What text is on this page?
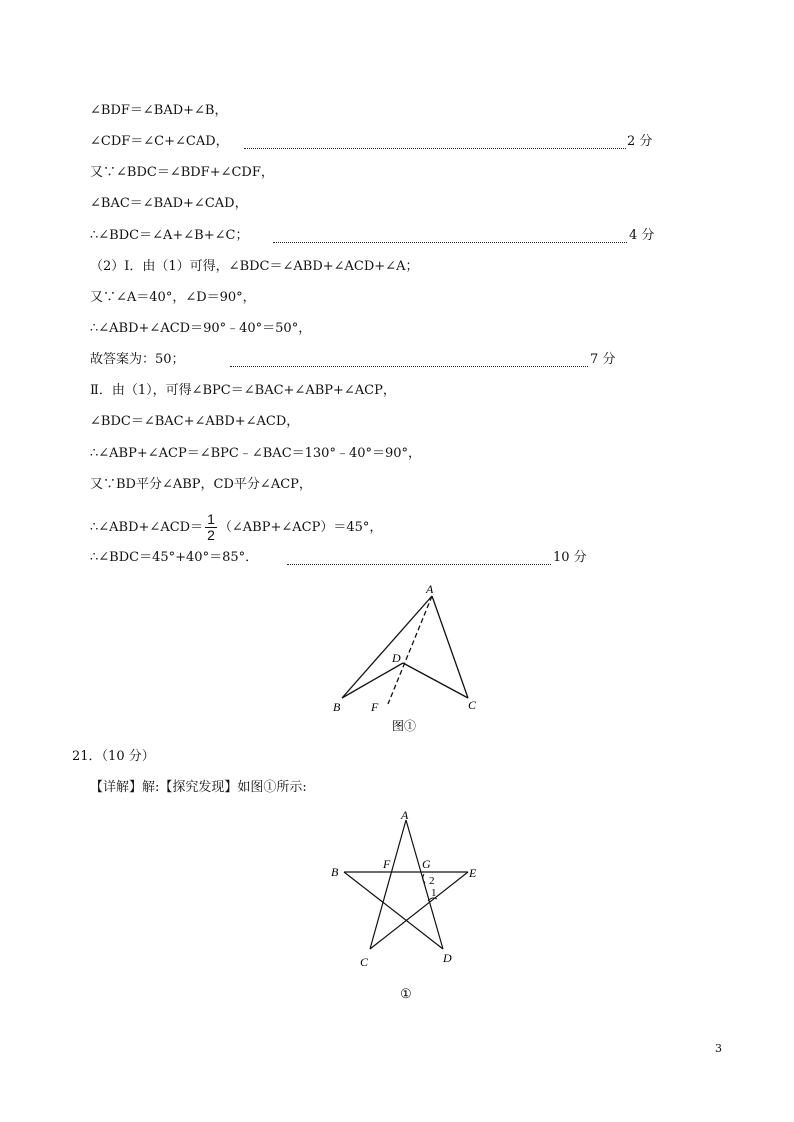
∠BDF＝∠BAD+∠B，
∠CDF＝∠C+∠CAD，	2 分
又∵∠BDC＝∠BDF+∠CDF，
∠BAC＝∠BAD+∠CAD，
∴∠BDC＝∠A+∠B+∠C；	4 分
（2）Ⅰ．由（1）可得，∠BDC＝∠ABD+∠ACD+∠A；
又∵∠A＝40°，∠D＝90°，
∴∠ABD+∠ACD＝90°﹣40°＝50°，
故答案为：50；	7 分
Ⅱ．由（1），可得∠BPC＝∠BAC+∠ABP+∠ACP，
∠BDC＝∠BAC+∠ABD+∠ACD，
∴∠ABP+∠ACP＝∠BPC﹣∠BAC＝130°﹣40°＝90°，
又∵BD平分∠ABP，CD平分∠ACP，
∴∠ABD+∠ACD＝ $\frac{1}{2}$ （∠ABP+∠ACP）＝45°，
∴∠BDC＝45°+40°＝85°．	10 分
A
D
B	F	C
图①
21．（10 分）
【详解】解:【探究发现】如图①所示:
A
B
F	G
E
2
1
C	D
①
3
